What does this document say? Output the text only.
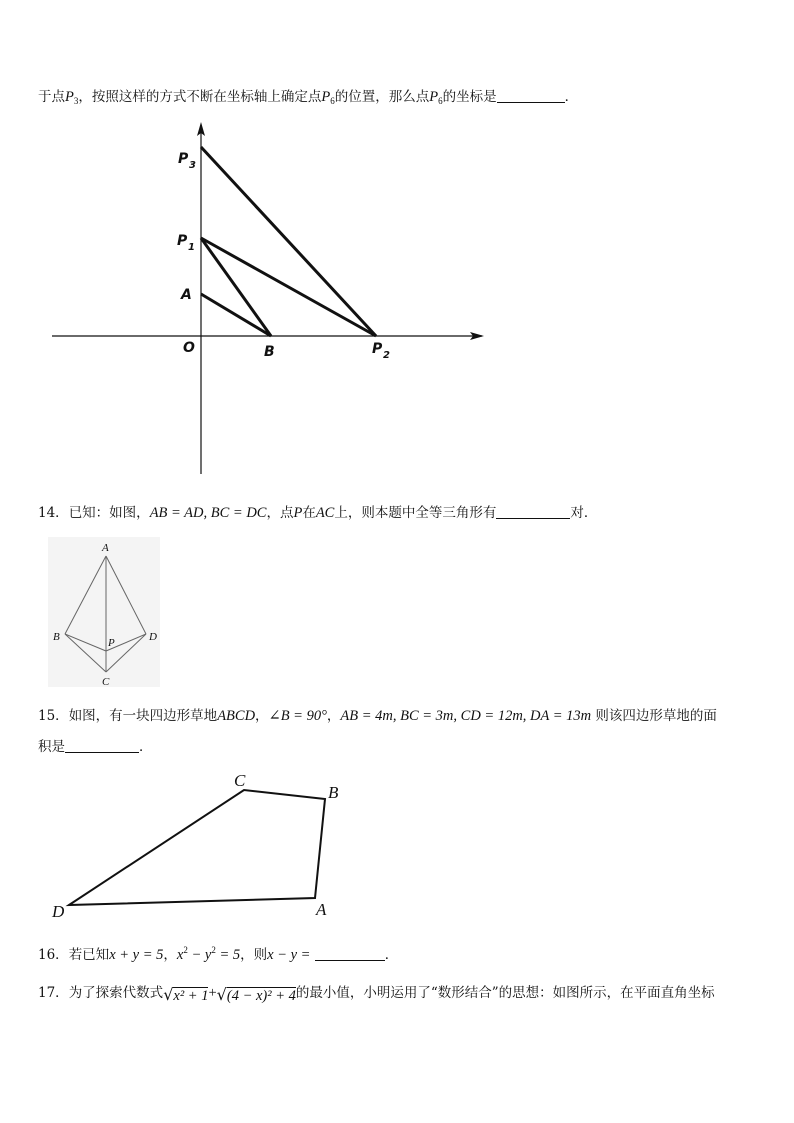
于点$P_3$，按照这样的方式不断在坐标轴上确定点$P_6$的位置，那么点$P_6$的坐标是	．
P 3
P 1
A
O	B	P 2
14．已知：如图，AB = AD, BC = DC，点P在AC上，则本题中全等三角形有	对．
A
B	P	D
C
15．如图，有一块四边形草地ABCD，∠B = 90°，AB = 4m, BC = 3m, CD = 12m, DA = 13m 则该四边形草地的面
积是	．
C
B
D	A
16．若已知x + y = 5，$x^2 - y^2 = 5$，则x − y =	．
17．为了探索代数式√x² + 1+√(4 − x)² + 4的最小值，小明运用了“数形结合”的思想：如图所示，在平面直角坐标
